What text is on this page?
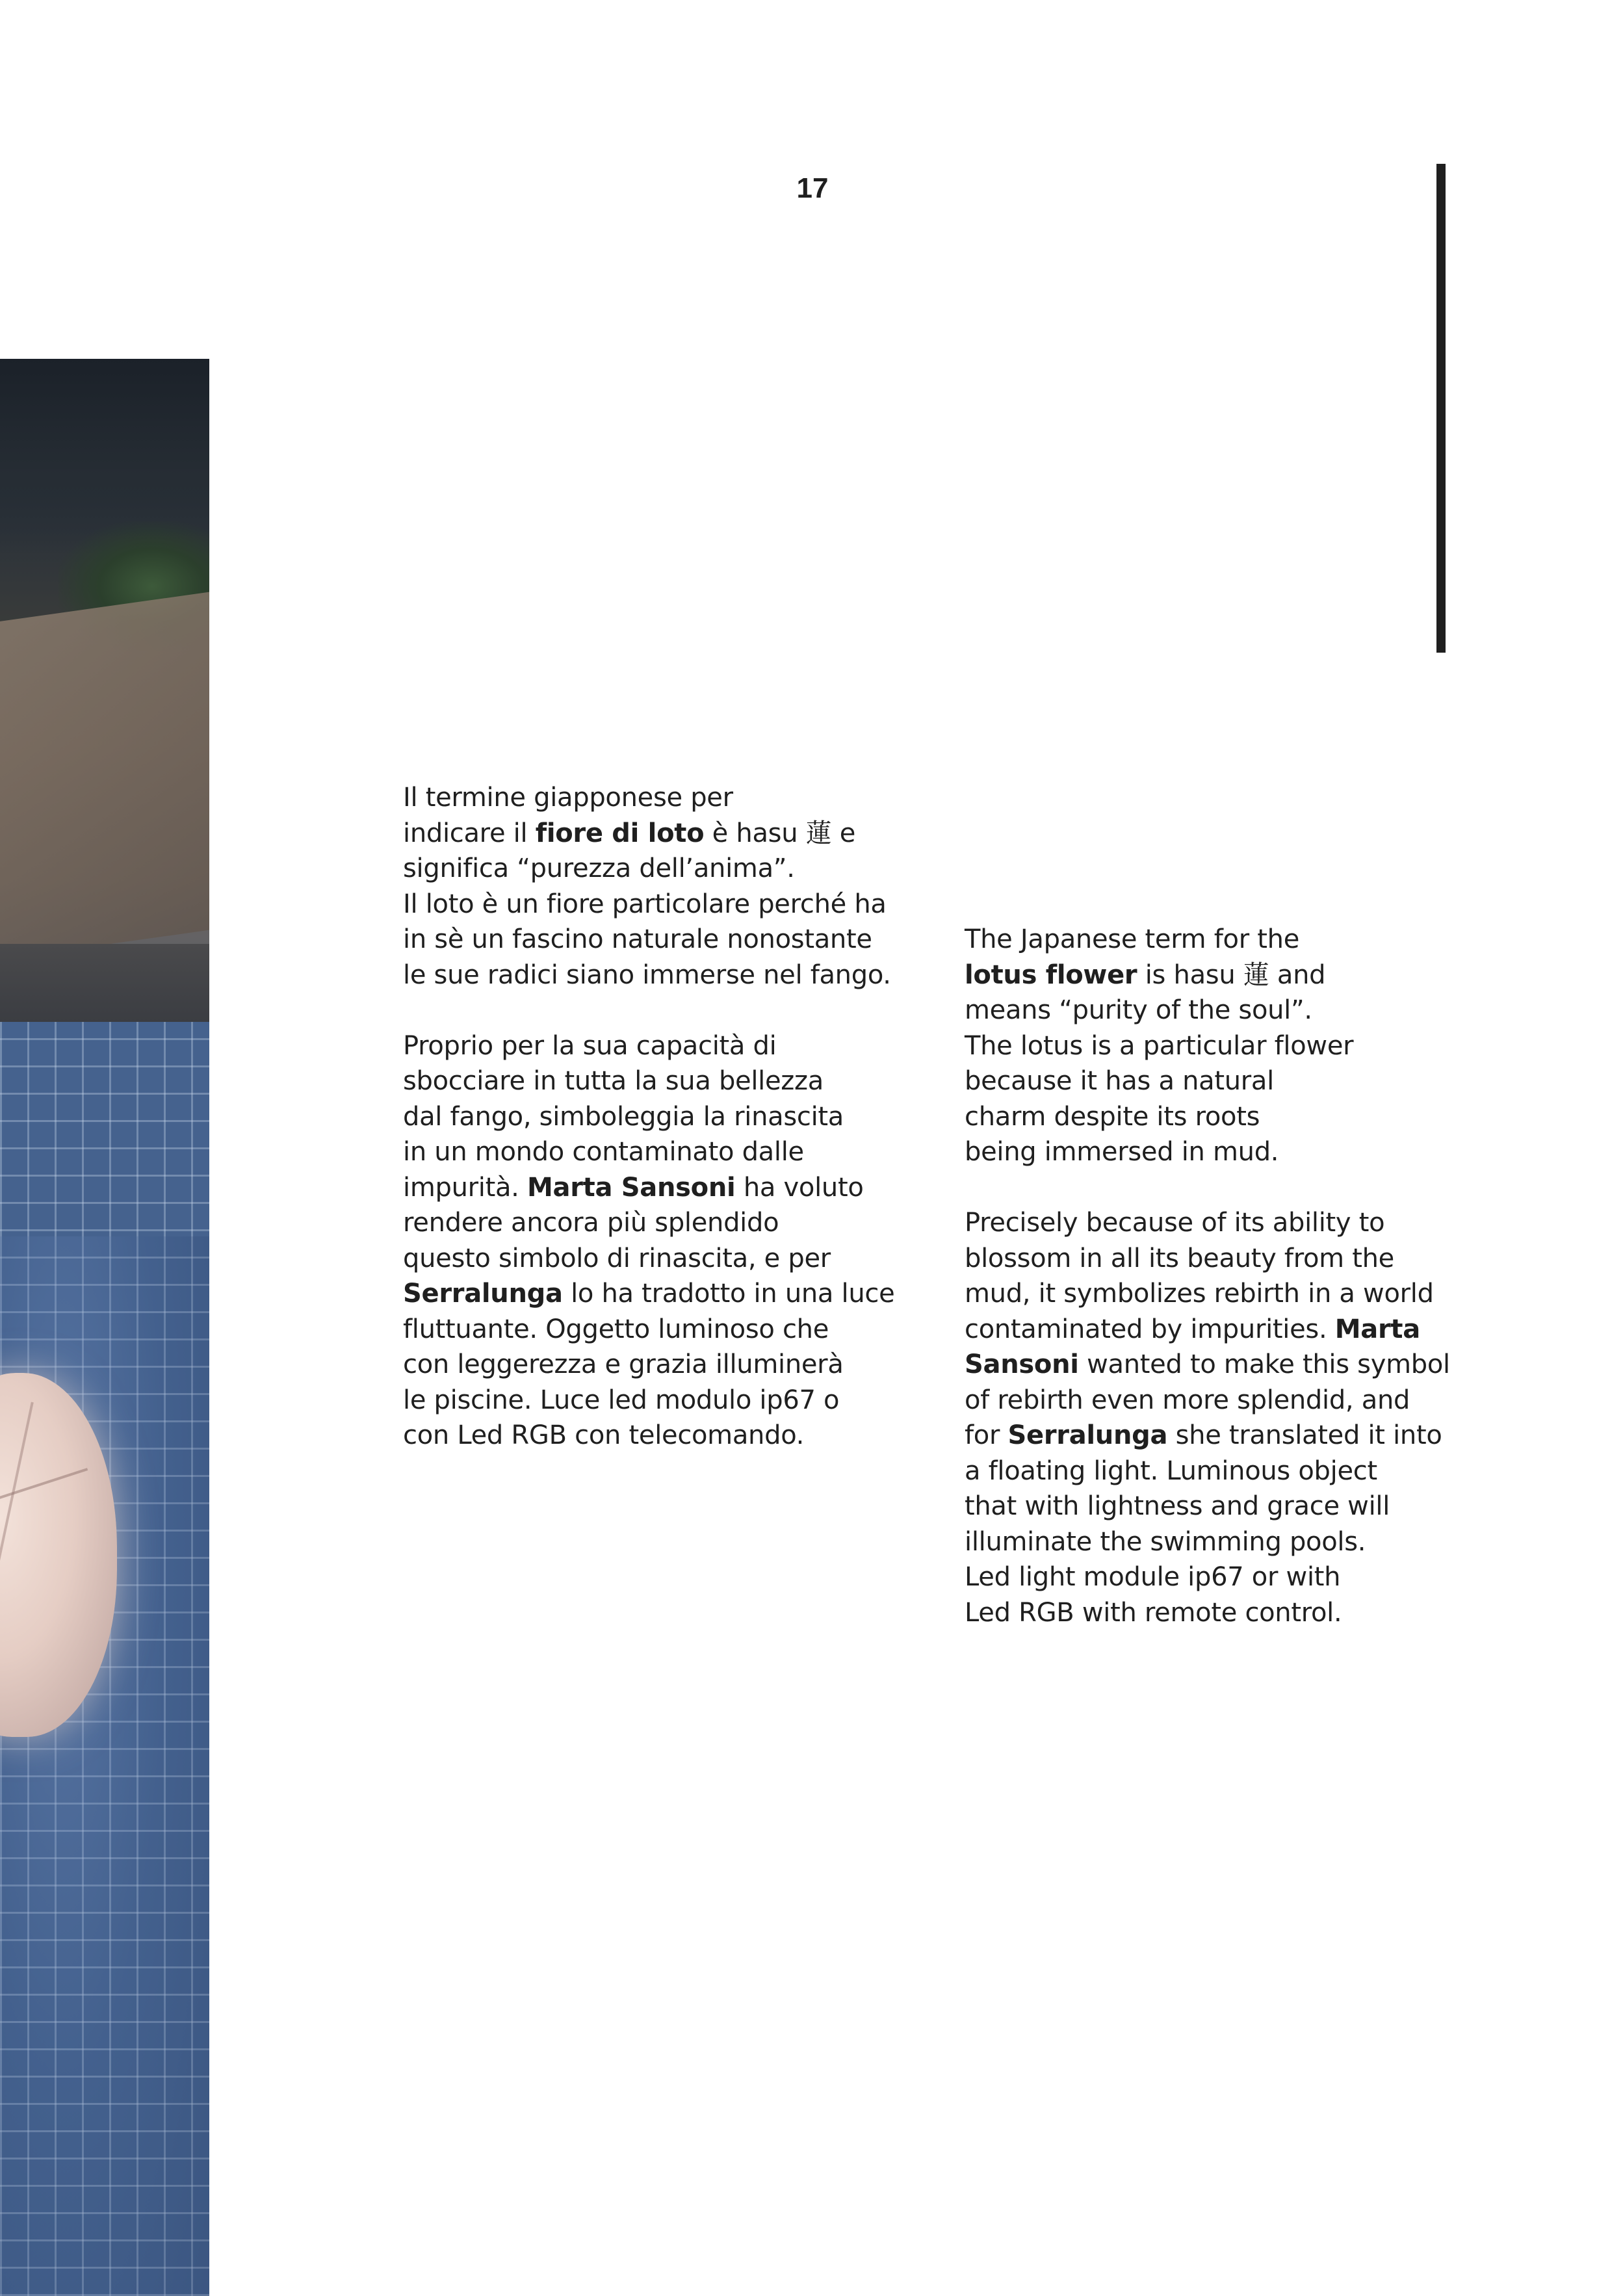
17

Il termine giapponese per
indicare il fiore di loto è hasu 蓮 e
significa “purezza dell’anima”.
Il loto è un fiore particolare perché ha
in sè un fascino naturale nonostante
le sue radici siano immerse nel fango.

Proprio per la sua capacità di
sbocciare in tutta la sua bellezza
dal fango, simboleggia la rinascita
in un mondo contaminato dalle
impurità. Marta Sansoni ha voluto
rendere ancora più splendido
questo simbolo di rinascita, e per
Serralunga lo ha tradotto in una luce
fluttuante. Oggetto luminoso che
con leggerezza e grazia illuminerà
le piscine. Luce led modulo ip67 o
con Led RGB con telecomando.

The Japanese term for the
lotus flower is hasu 蓮 and
means “purity of the soul”.
The lotus is a particular flower
because it has a natural
charm despite its roots
being immersed in mud.

Precisely because of its ability to
blossom in all its beauty from the
mud, it symbolizes rebirth in a world
contaminated by impurities. Marta
Sansoni wanted to make this symbol
of rebirth even more splendid, and
for Serralunga she translated it into
a floating light. Luminous object
that with lightness and grace will
illuminate the swimming pools.
Led light module ip67 or with
Led RGB with remote control.
